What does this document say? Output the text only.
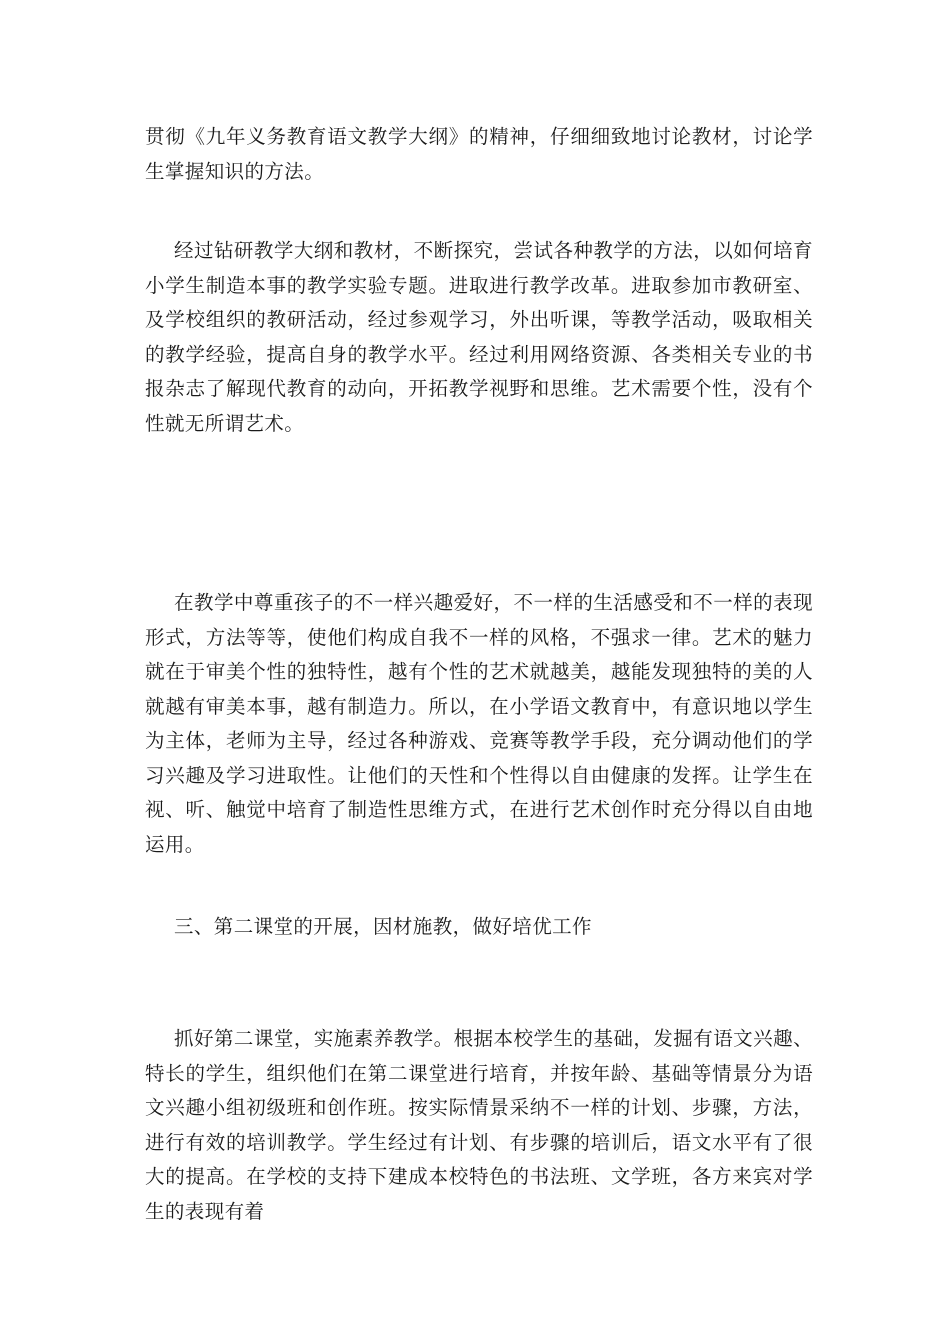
贯彻《九年义务教育语文教学大纲》的精神，仔细细致地讨论教材，讨论学生掌握知识的方法。

经过钻研教学大纲和教材，不断探究，尝试各种教学的方法，以如何培育小学生制造本事的教学实验专题。进取进行教学改革。进取参加市教研室、及学校组织的教研活动，经过参观学习，外出听课，等教学活动，吸取相关的教学经验，提高自身的教学水平。经过利用网络资源、各类相关专业的书报杂志了解现代教育的动向，开拓教学视野和思维。艺术需要个性，没有个性就无所谓艺术。

在教学中尊重孩子的不一样兴趣爱好，不一样的生活感受和不一样的表现形式，方法等等，使他们构成自我不一样的风格，不强求一律。艺术的魅力就在于审美个性的独特性，越有个性的艺术就越美，越能发现独特的美的人就越有审美本事，越有制造力。所以，在小学语文教育中，有意识地以学生为主体，老师为主导，经过各种游戏、竞赛等教学手段，充分调动他们的学习兴趣及学习进取性。让他们的天性和个性得以自由健康的发挥。让学生在视、听、触觉中培育了制造性思维方式，在进行艺术创作时充分得以自由地运用。

三、第二课堂的开展，因材施教，做好培优工作

抓好第二课堂，实施素养教学。根据本校学生的基础，发掘有语文兴趣、特长的学生，组织他们在第二课堂进行培育，并按年龄、基础等情景分为语文兴趣小组初级班和创作班。按实际情景采纳不一样的计划、步骤，方法，进行有效的培训教学。学生经过有计划、有步骤的培训后，语文水平有了很大的提高。在学校的支持下建成本校特色的书法班、文学班，各方来宾对学生的表现有着
